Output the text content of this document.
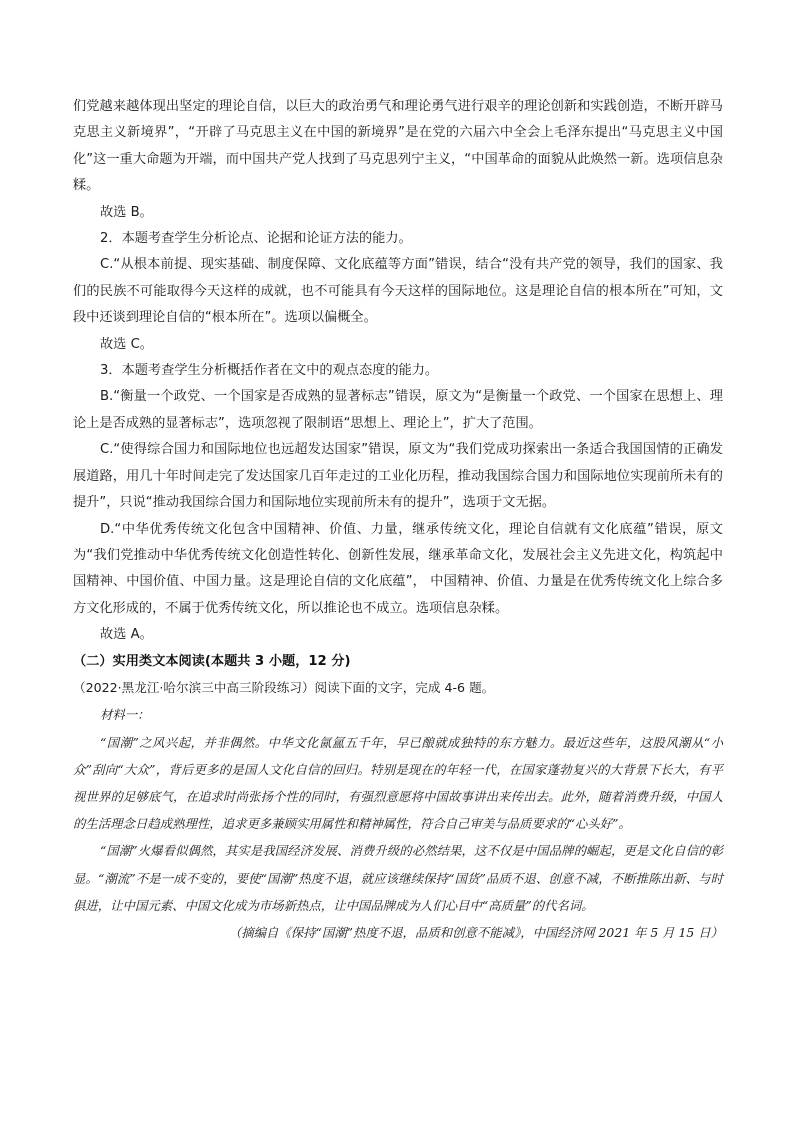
们党越来越体现出坚定的理论自信，以巨大的政治勇气和理论勇气进行艰辛的理论创新和实践创造，不断开辟马克思主义新境界”，“开辟了马克思主义在中国的新境界”是在党的六届六中全会上毛泽东提出“马克思主义中国化”这一重大命题为开端，而中国共产党人找到了马克思列宁主义，“中国革命的面貌从此焕然一新。选项信息杂糅。

故选 B。

2．本题考查学生分析论点、论据和论证方法的能力。

C.“从根本前提、现实基础、制度保障、文化底蕴等方面”错误，结合“没有共产党的领导，我们的国家、我们的民族不可能取得今天这样的成就，也不可能具有今天这样的国际地位。这是理论自信的根本所在”可知，文段中还谈到理论自信的“根本所在”。选项以偏概全。

故选 C。

3．本题考查学生分析概括作者在文中的观点态度的能力。

B.“衡量一个政党、一个国家是否成熟的显著标志”错误，原文为“是衡量一个政党、一个国家在思想上、理论上是否成熟的显著标志”，选项忽视了限制语“思想上、理论上”，扩大了范围。

C.“使得综合国力和国际地位也远超发达国家”错误，原文为“我们党成功探索出一条适合我国国情的正确发展道路，用几十年时间走完了发达国家几百年走过的工业化历程，推动我国综合国力和国际地位实现前所未有的提升”，只说“推动我国综合国力和国际地位实现前所未有的提升”，选项于文无据。

D.“中华优秀传统文化包含中国精神、价值、力量，继承传统文化，理论自信就有文化底蕴”错误，原文为“我们党推动中华优秀传统文化创造性转化、创新性发展，继承革命文化，发展社会主义先进文化，构筑起中国精神、中国价值、中国力量。这是理论自信的文化底蕴”， 中国精神、价值、力量是在优秀传统文化上综合多方文化形成的，不属于优秀传统文化，所以推论也不成立。选项信息杂糅。

故选 A。

（二）实用类文本阅读(本题共 3 小题，12 分)

（2022·黑龙江·哈尔滨三中高三阶段练习）阅读下面的文字，完成 4-6 题。

材料一：

“国潮”之风兴起，并非偶然。中华文化氤氲五千年，早已酿就成独特的东方魅力。最近这些年，这股风潮从“小众”刮向“大众”，背后更多的是国人文化自信的回归。特别是现在的年轻一代，在国家蓬勃复兴的大背景下长大，有平视世界的足够底气，在追求时尚张扬个性的同时，有强烈意愿将中国故事讲出来传出去。此外，随着消费升级，中国人的生活理念日趋成熟理性，追求更多兼顾实用属性和精神属性，符合自己审美与品质要求的“心头好”。

“国潮”火爆看似偶然，其实是我国经济发展、消费升级的必然结果，这不仅是中国品牌的崛起，更是文化自信的彰显。“潮流”不是一成不变的，要使“国潮”热度不退，就应该继续保持“国货”品质不退、创意不减，不断推陈出新、与时俱进，让中国元素、中国文化成为市场新热点，让中国品牌成为人们心目中“高质量”的代名词。

（摘编自《保持“国潮”热度不退，品质和创意不能减》，中国经济网 2021 年 5 月 15 日）
